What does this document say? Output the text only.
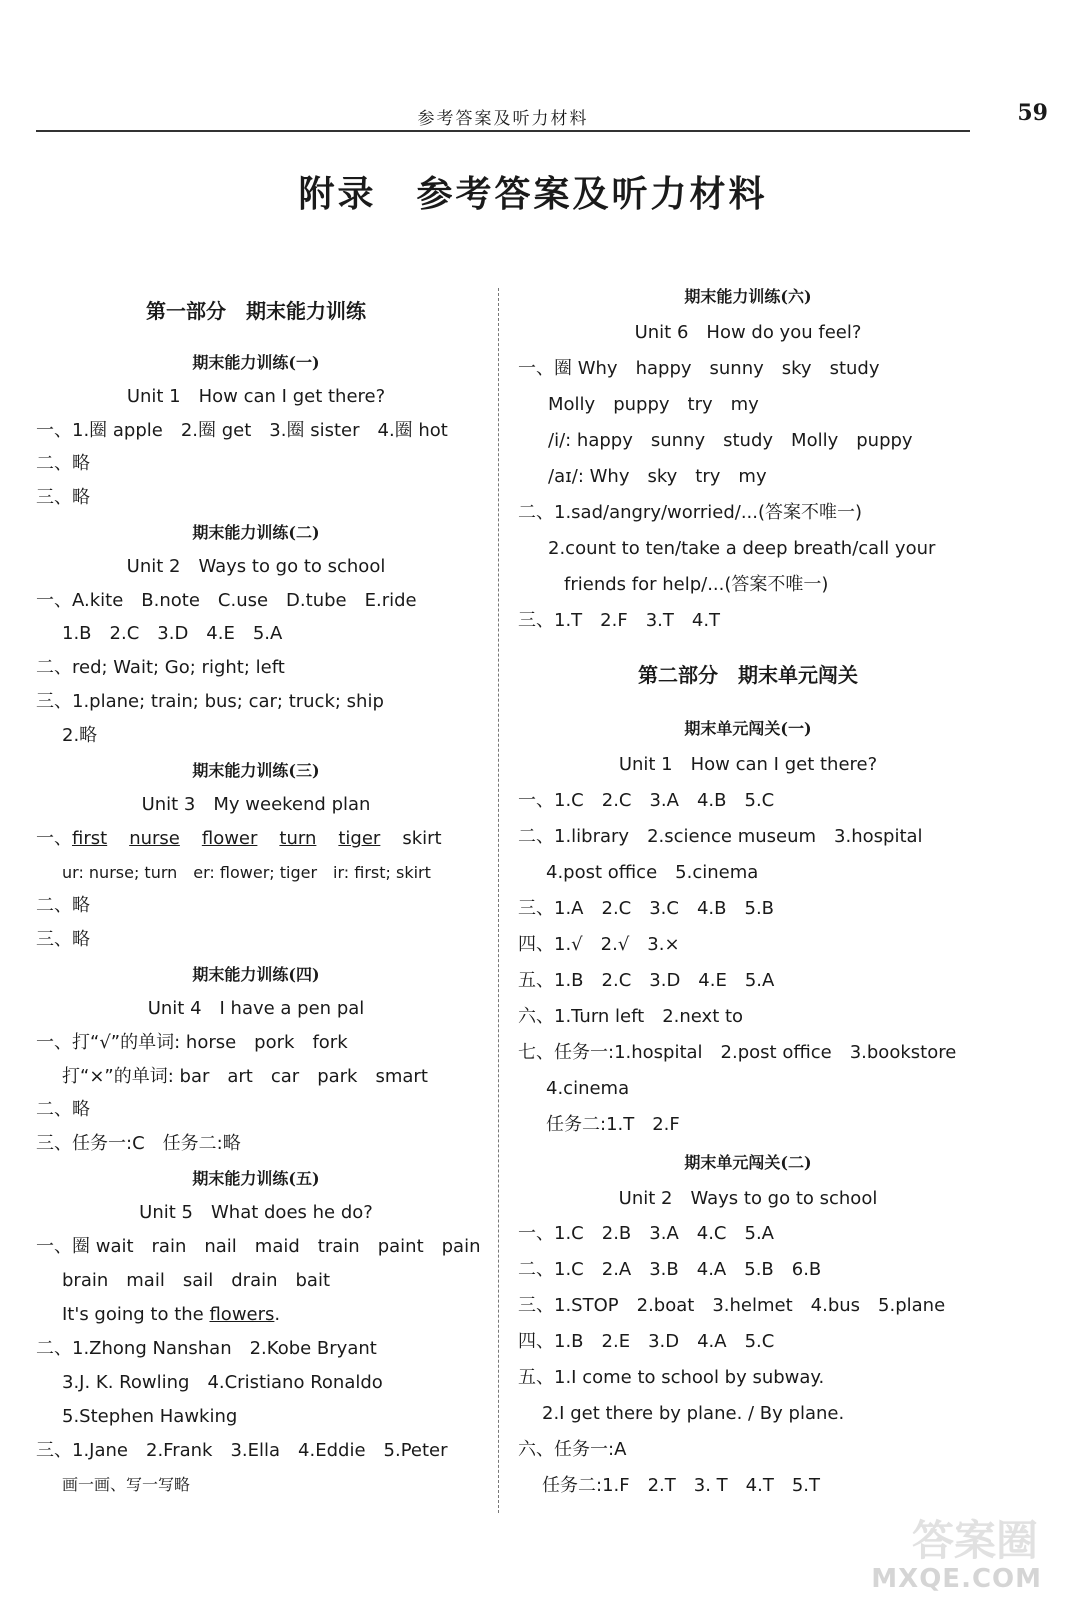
参考答案及听力材料	59
附录 参考答案及听力材料
第一部分　期末能力训练
期末能力训练(一)
Unit 1　How can I get there?
一、1.圈 apple　2.圈 get　3.圈 sister　4.圈 hot
二、略
三、略
期末能力训练(二)
Unit 2　Ways to go to school
一、A.kite　B.note　C.use　D.tube　E.ride
1.B　2.C　3.D　4.E　5.A
二、red; Wait; Go; right; left
三、1.plane; train; bus; car; truck; ship
2.略
期末能力训练(三)
Unit 3　My weekend plan
一、first nurse flower turn tiger skirt
ur: nurse; turn　er: flower; tiger　ir: first; skirt
二、略
三、略
期末能力训练(四)
Unit 4　I have a pen pal
一、打“√”的单词: horse　pork　fork
打“×”的单词: bar　art　car　park　smart
二、略
三、任务一:C　任务二:略
期末能力训练(五)
Unit 5　What does he do?
一、圈 wait　rain　nail　maid　train　paint　pain
brain　mail　sail　drain　bait
It's going to the flowers.
二、1.Zhong Nanshan　2.Kobe Bryant
3.J. K. Rowling　4.Cristiano Ronaldo
5.Stephen Hawking
三、1.Jane　2.Frank　3.Ella　4.Eddie　5.Peter
画一画、写一写略
期末能力训练(六)
Unit 6　How do you feel?
一、圈 Why　happy　sunny　sky　study
Molly　puppy　try　my
/i/: happy　sunny　study　Molly　puppy
/aɪ/: Why　sky　try　my
二、1.sad/angry/worried/...(答案不唯一)
2.count to ten/take a deep breath/call your
friends for help/...(答案不唯一)
三、1.T　2.F　3.T　4.T
第二部分　期末单元闯关
期末单元闯关(一)
Unit 1　How can I get there?
一、1.C　2.C　3.A　4.B　5.C
二、1.library　2.science museum　3.hospital
4.post office　5.cinema
三、1.A　2.C　3.C　4.B　5.B
四、1.√　2.√　3.×
五、1.B　2.C　3.D　4.E　5.A
六、1.Turn left　2.next to
七、任务一:1.hospital　2.post office　3.bookstore
4.cinema
任务二:1.T　2.F
期末单元闯关(二)
Unit 2　Ways to go to school
一、1.C　2.B　3.A　4.C　5.A
二、1.C　2.A　3.B　4.A　5.B　6.B
三、1.STOP　2.boat　3.helmet　4.bus　5.plane
四、1.B　2.E　3.D　4.A　5.C
五、1.I come to school by subway.
2.I get there by plane. / By plane.
六、任务一:A
任务二:1.F　2.T　3. T　4.T　5.T
答案圈
MXQE.COM
